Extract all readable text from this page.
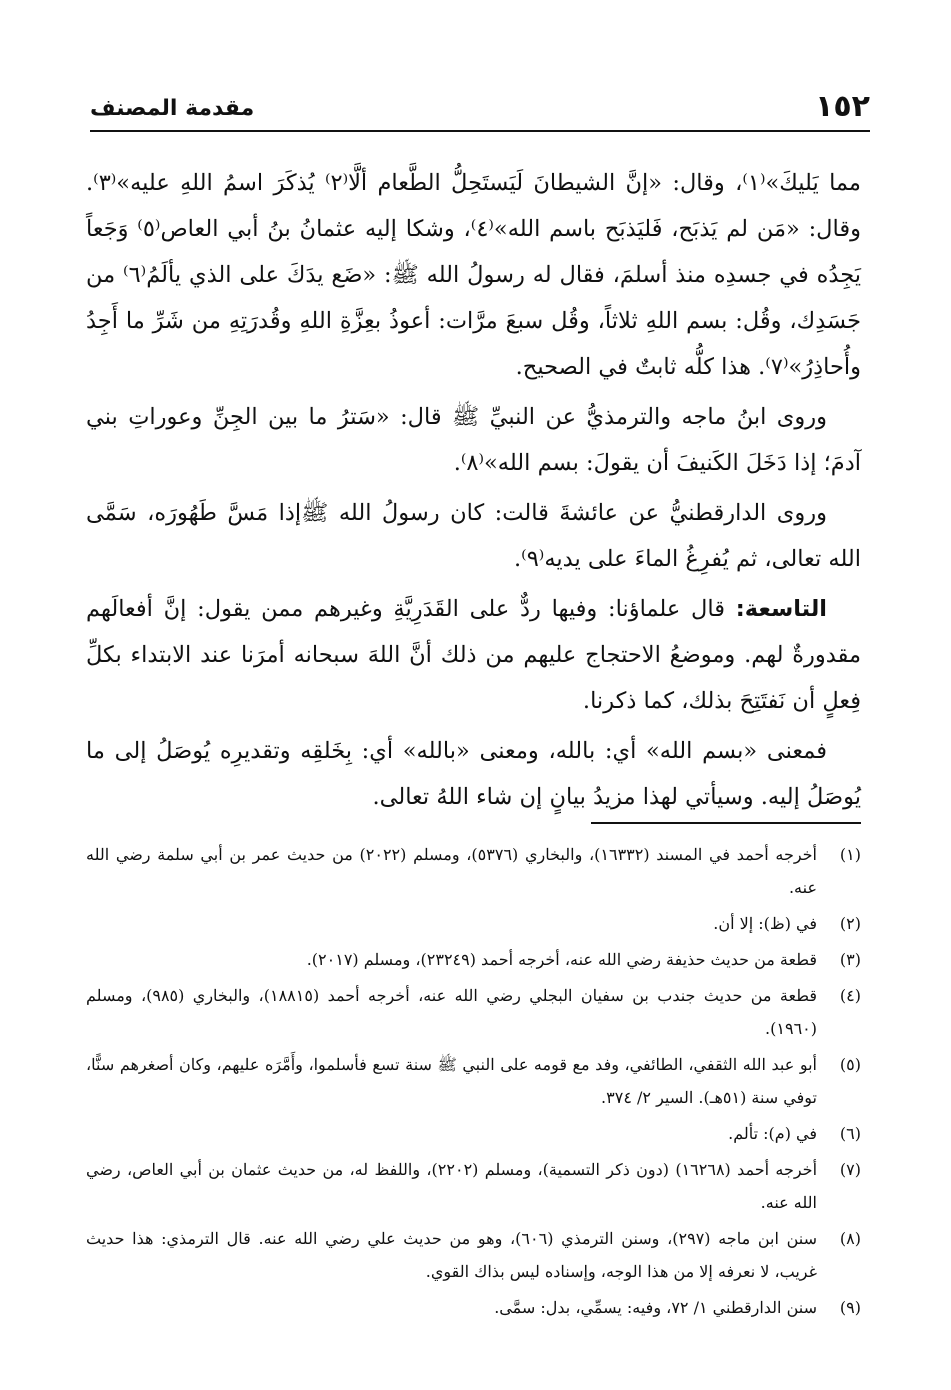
١٥٢
مقدمة المصنف

مما يَليكَ»⁽١⁾، وقال: «إنَّ الشيطانَ لَيَستَحِلُّ الطَّعام ألَّا⁽٢⁾ يُذكَرَ اسمُ اللهِ عليه»⁽٣⁾. وقال: «مَن لم يَذبَح، فَليَذبَح باسم الله»⁽٤⁾، وشكا إليه عثمانُ بنُ أبي العاص⁽٥⁾ وَجَعاً يَجِدُه في جسدِه منذ أسلمَ، فقال له رسولُ الله ﷺ: «ضَع يدَكَ على الذي يألَمُ⁽٦⁾ من جَسَدِك، وقُل: بسم اللهِ ثلاثاً، وقُل سبعَ مرَّات: أعوذُ بعِزَّةِ اللهِ وقُدرَتِهِ من شَرِّ ما أَجِدُ وأُحاذِرُ»⁽٧⁾. هذا كلُّه ثابتٌ في الصحيح.

وروى ابنُ ماجه والترمذيُّ عن النبيِّ ﷺ قال: «سَترُ ما بين الجِنِّ وعوراتِ بني آدمَ؛ إذا دَخَلَ الكَنيفَ أن يقولَ: بسم الله»⁽٨⁾.

وروى الدارقطنيُّ عن عائشةَ قالت: كان رسولُ الله ﷺإذا مَسَّ طَهُورَه، سَمَّى الله تعالى، ثم يُفرِغُ الماءَ على يديه⁽٩⁾.

التاسعة: قال علماؤنا: وفيها ردٌّ على القَدَرِيَّةِ وغيرهم ممن يقول: إنَّ أفعالَهم مقدورةٌ لهم. وموضعُ الاحتجاج عليهم من ذلك أنَّ اللهَ سبحانه أمرَنا عند الابتداء بكلِّ فِعلٍ أن نَفتَتِحَ بذلك، كما ذكرنا.

فمعنى «بسم الله» أي: بالله، ومعنى «بالله» أي: بِخَلقِه وتقديرِه يُوصَلُ إلى ما يُوصَلُ إليه. وسيأتي لهذا مزيدُ بيانٍ إن شاء اللهُ تعالى.

(١)
أخرجه أحمد في المسند (١٦٣٣٢)، والبخاري (٥٣٧٦)، ومسلم (٢٠٢٢) من حديث عمر بن أبي سلمة رضي الله عنه.
(٢)
في (ظ): إلا أن.
(٣)
قطعة من حديث حذيفة رضي الله عنه، أخرجه أحمد (٢٣٢٤٩)، ومسلم (٢٠١٧).
(٤)
قطعة من حديث جندب بن سفيان البجلي رضي الله عنه، أخرجه أحمد (١٨٨١٥)، والبخاري (٩٨٥)، ومسلم (١٩٦٠).
(٥)
أبو عبد الله الثقفي، الطائفي، وفد مع قومه على النبي ﷺ سنة تسع فأسلموا، وأَمَّرَه عليهم، وكان أصغرهم سنًّا، توفي سنة (٥١هـ). السير ٢/ ٣٧٤.
(٦)
في (م): تألم.
(٧)
أخرجه أحمد (١٦٢٦٨) (دون ذكر التسمية)، ومسلم (٢٢٠٢)، واللفظ له، من حديث عثمان بن أبي العاص، رضي الله عنه.
(٨)
سنن ابن ماجه (٢٩٧)، وسنن الترمذي (٦٠٦)، وهو من حديث علي رضي الله عنه. قال الترمذي: هذا حديث غريب، لا نعرفه إلا من هذا الوجه، وإسناده ليس بذاك القوي.
(٩)
سنن الدارقطني ١/ ٧٢، وفيه: يسمِّي، بدل: سمَّى.
